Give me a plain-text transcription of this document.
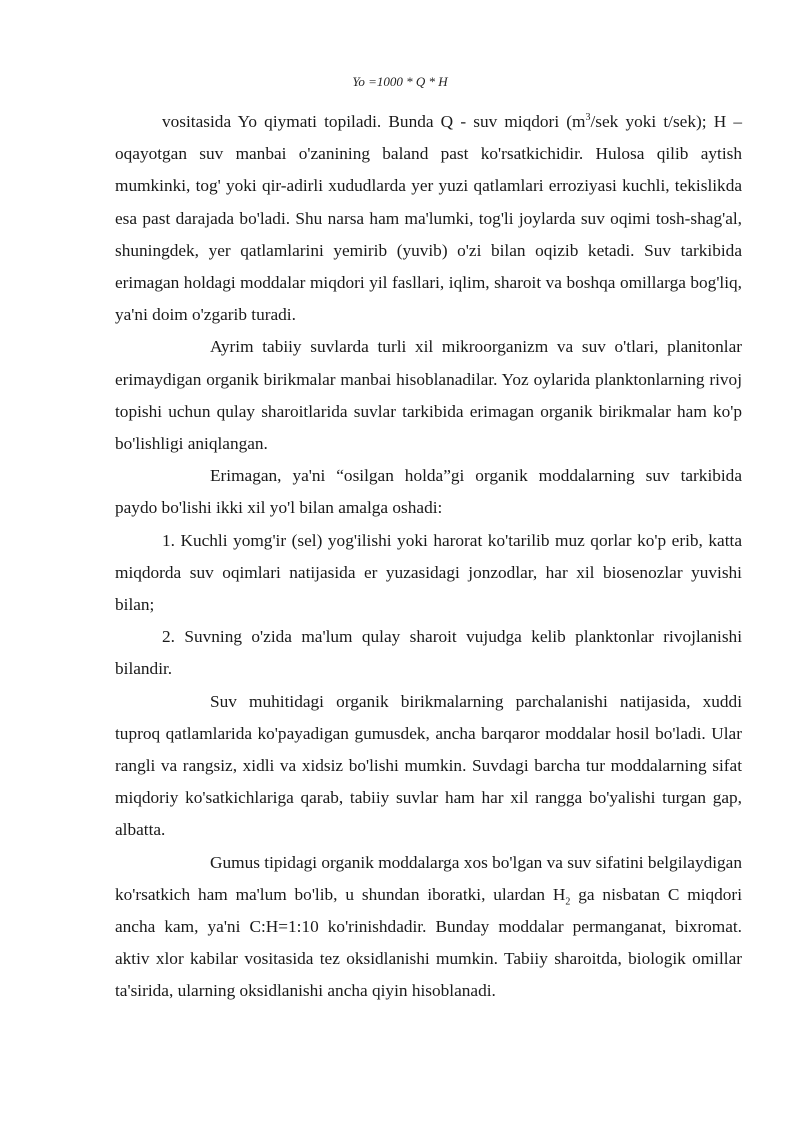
Yo =1000 * Q * H

vositasida Yo qiymati topiladi. Bunda Q - suv miqdori ($m^3$/sek yoki t/sek); H – oqayotgan suv manbai o'zanining baland past ko'rsatkichidir. Hulosa qilib aytish mumkinki, tog' yoki qir-adirli xududlarda yer yuzi qatlamlari erroziyasi kuchli, tekislikda esa past darajada bo'ladi. Shu narsa ham ma'lumki, tog'li joylarda suv oqimi tosh-shag'al, shuningdek, yer qatlamlarini yemirib (yuvib) o'zi bilan oqizib ketadi. Suv tarkibida erimagan holdagi moddalar miqdori yil fasllari, iqlim, sharoit va boshqa omillarga bog'liq, ya'ni doim o'zgarib turadi.

Ayrim tabiiy suvlarda turli xil mikroorganizm va suv o'tlari, planitonlar erimaydigan organik birikmalar manbai hisoblanadilar. Yoz oylarida planktonlarning rivoj topishi uchun qulay sharoitlarida suvlar tarkibida erimagan organik birikmalar ham ko'p bo'lishligi aniqlangan.

Erimagan, ya'ni “osilgan holda”gi organik moddalarning suv tarkibida paydo bo'lishi ikki xil yo'l bilan amalga oshadi:

1. Kuchli yomg'ir (sel) yog'ilishi yoki harorat ko'tarilib muz qorlar ko'p erib, katta miqdorda suv oqimlari natijasida er yuzasidagi jonzodlar, har xil biosenozlar yuvishi bilan;

2. Suvning o'zida ma'lum qulay sharoit vujudga kelib planktonlar rivojlanishi bilandir.

Suv muhitidagi organik birikmalarning parchalanishi natijasida, xuddi tuproq qatlamlarida ko'payadigan gumusdek, ancha barqaror moddalar hosil bo'ladi. Ular rangli va rangsiz, xidli va xidsiz bo'lishi mumkin. Suvdagi barcha tur moddalarning sifat miqdoriy ko'satkichlariga qarab, tabiiy suvlar ham har xil rangga bo'yalishi turgan gap, albatta.

Gumus tipidagi organik moddalarga xos bo'lgan va suv sifatini belgilaydigan ko'rsatkich ham ma'lum bo'lib, u shundan iboratki, ulardan $H_2$ ga nisbatan C miqdori ancha kam, ya'ni C:H=1:10 ko'rinishdadir. Bunday moddalar permanganat, bixromat. aktiv xlor kabilar vositasida tez oksidlanishi mumkin. Tabiiy sharoitda, biologik omillar ta'sirida, ularning oksidlanishi ancha qiyin hisoblanadi.
